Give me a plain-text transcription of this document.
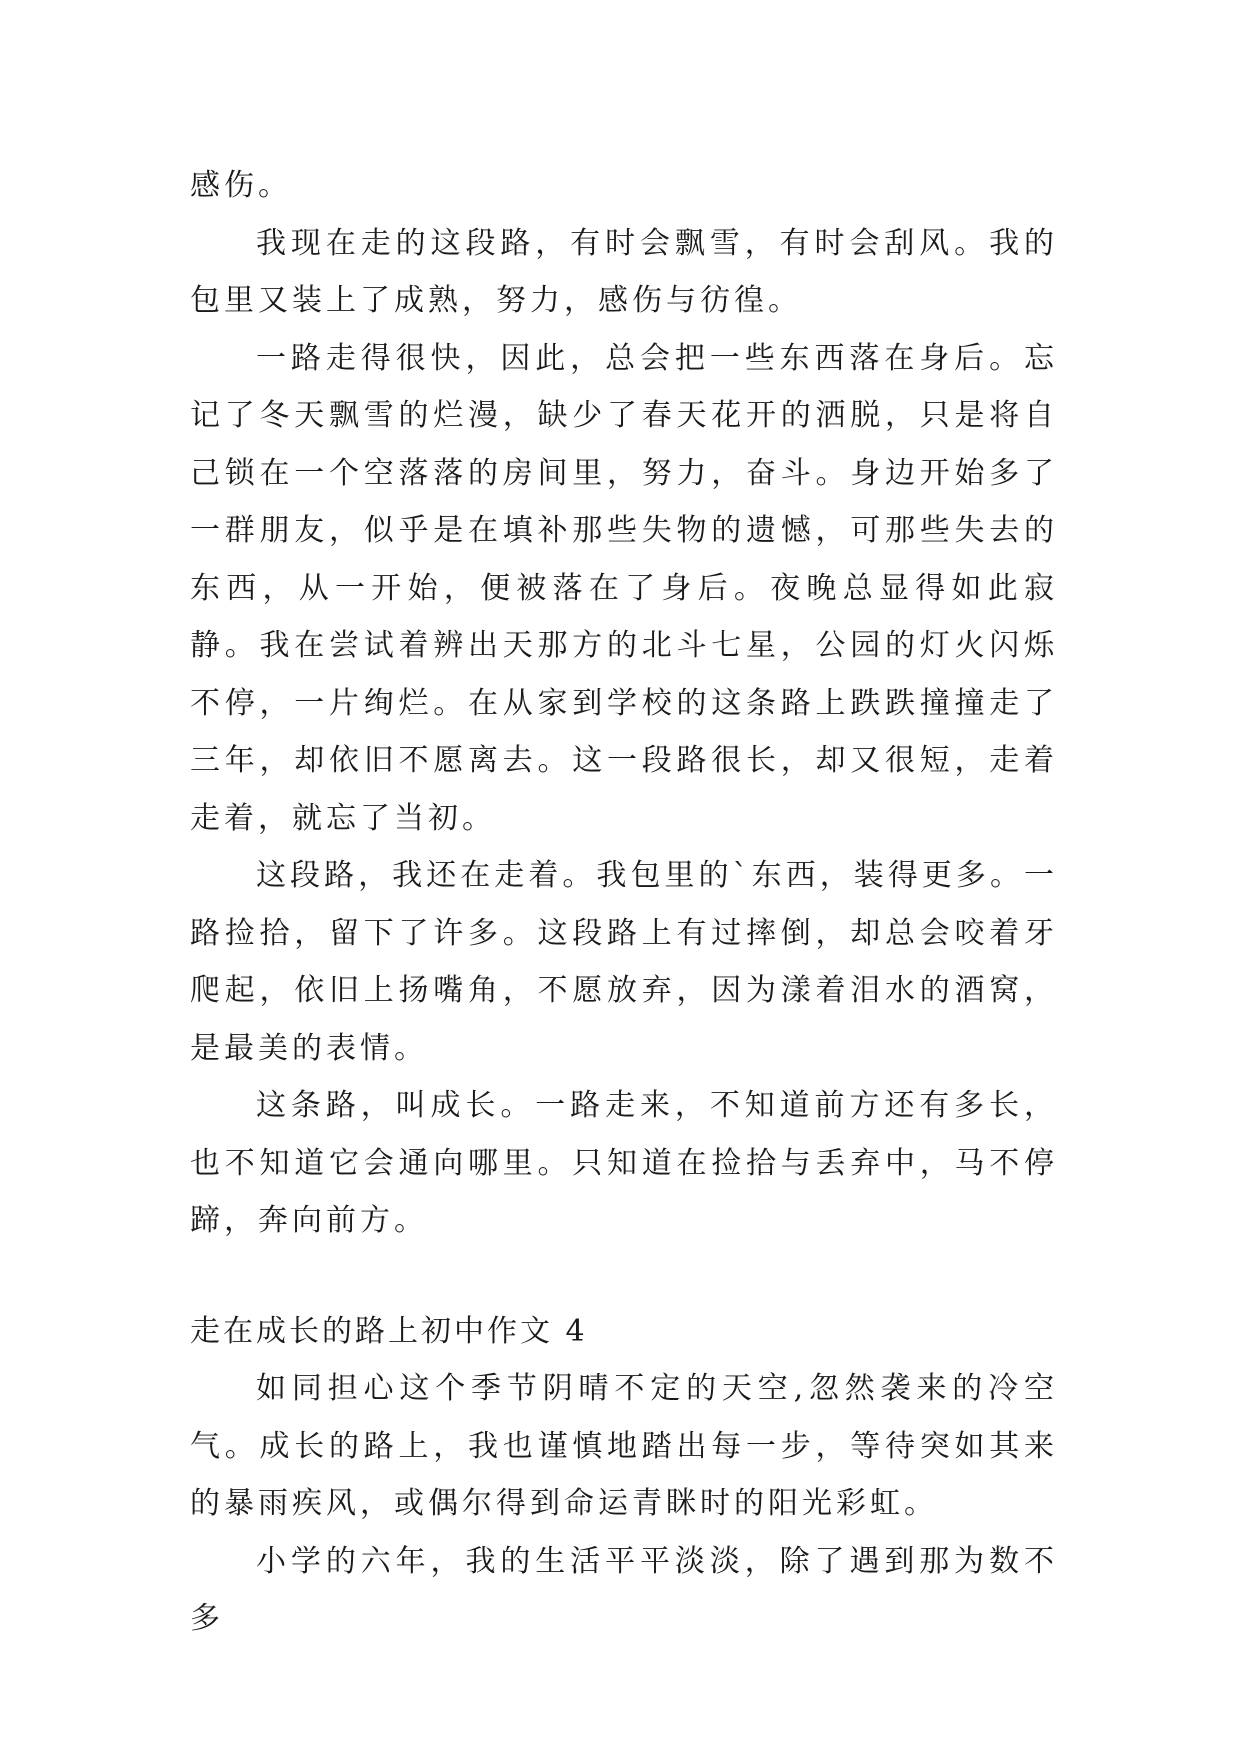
感伤。

我现在走的这段路，有时会飘雪，有时会刮风。我的包里又装上了成熟，努力，感伤与彷徨。

一路走得很快，因此，总会把一些东西落在身后。忘记了冬天飘雪的烂漫，缺少了春天花开的洒脱，只是将自己锁在一个空落落的房间里，努力，奋斗。身边开始多了一群朋友，似乎是在填补那些失物的遗憾，可那些失去的东西，从一开始，便被落在了身后。夜晚总显得如此寂静。我在尝试着辨出天那方的北斗七星，公园的灯火闪烁不停，一片绚烂。在从家到学校的这条路上跌跌撞撞走了三年，却依旧不愿离去。这一段路很长，却又很短，走着走着，就忘了当初。

这段路，我还在走着。我包里的`东西，装得更多。一路捡拾，留下了许多。这段路上有过摔倒，却总会咬着牙爬起，依旧上扬嘴角，不愿放弃，因为漾着泪水的酒窝，是最美的表情。

这条路，叫成长。一路走来，不知道前方还有多长，也不知道它会通向哪里。只知道在捡拾与丢弃中，马不停蹄，奔向前方。

走在成长的路上初中作文 4

如同担心这个季节阴晴不定的天空,忽然袭来的冷空气。成长的路上，我也谨慎地踏出每一步，等待突如其来的暴雨疾风，或偶尔得到命运青眯时的阳光彩虹。

小学的六年，我的生活平平淡淡，除了遇到那为数不多
